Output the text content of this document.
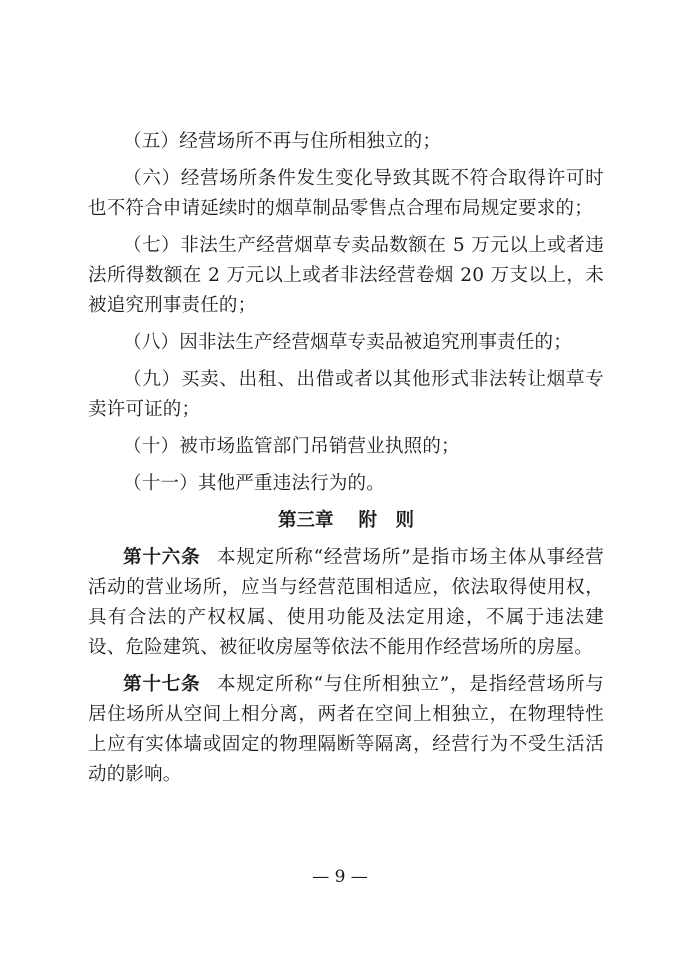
（五）经营场所不再与住所相独立的；

（六）经营场所条件发生变化导致其既不符合取得许可时也不符合申请延续时的烟草制品零售点合理布局规定要求的；

（七）非法生产经营烟草专卖品数额在 5 万元以上或者违法所得数额在 2 万元以上或者非法经营卷烟 20 万支以上，未被追究刑事责任的；

（八）因非法生产经营烟草专卖品被追究刑事责任的；

（九）买卖、出租、出借或者以其他形式非法转让烟草专卖许可证的；

（十）被市场监管部门吊销营业执照的；

（十一）其他严重违法行为的。

第三章　 附　则

第十六条 本规定所称“经营场所”是指市场主体从事经营活动的营业场所，应当与经营范围相适应，依法取得使用权，具有合法的产权权属、使用功能及法定用途，不属于违法建设、危险建筑、被征收房屋等依法不能用作经营场所的房屋。

第十七条 本规定所称“与住所相独立”，是指经营场所与居住场所从空间上相分离，两者在空间上相独立，在物理特性上应有实体墙或固定的物理隔断等隔离，经营行为不受生活活动的影响。

— 9 —
